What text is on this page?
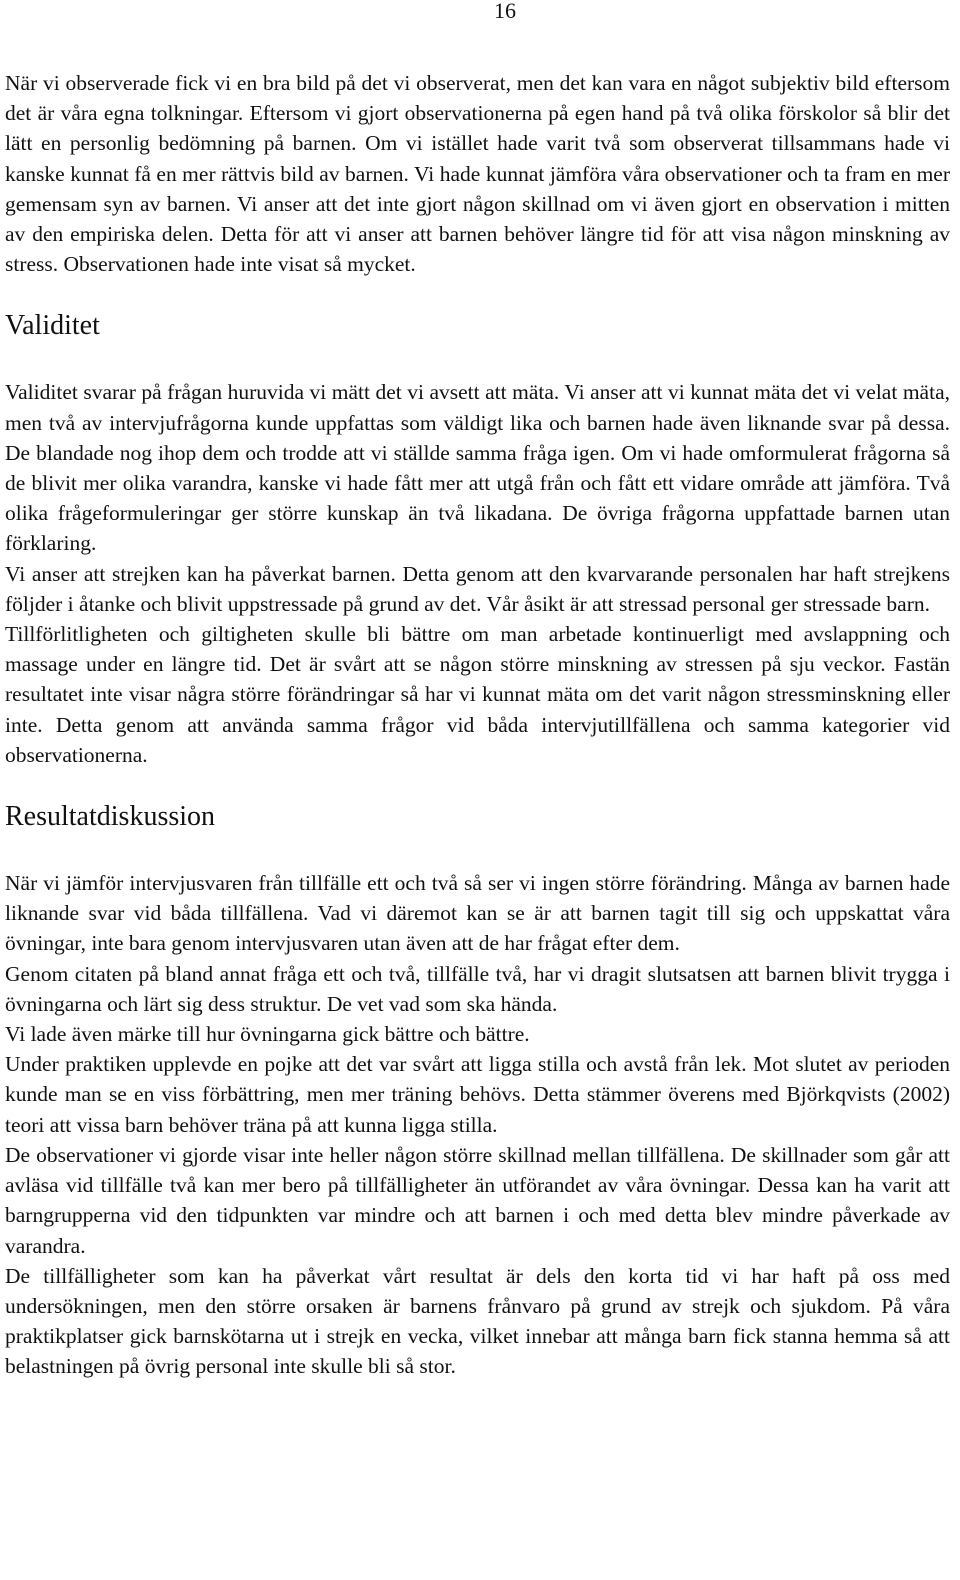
16

När vi observerade fick vi en bra bild på det vi observerat, men det kan vara en något subjektiv bild eftersom det är våra egna tolkningar. Eftersom vi gjort observationerna på egen hand på två olika förskolor så blir det lätt en personlig bedömning på barnen. Om vi istället hade varit två som observerat tillsammans hade vi kanske kunnat få en mer rättvis bild av barnen. Vi hade kunnat jämföra våra observationer och ta fram en mer gemensam syn av barnen. Vi anser att det inte gjort någon skillnad om vi även gjort en observation i mitten av den empiriska delen. Detta för att vi anser att barnen behöver längre tid för att visa någon minskning av stress. Observationen hade inte visat så mycket.

Validitet

Validitet svarar på frågan huruvida vi mätt det vi avsett att mäta. Vi anser att vi kunnat mäta det vi velat mäta, men två av intervjufrågorna kunde uppfattas som väldigt lika och barnen hade även liknande svar på dessa. De blandade nog ihop dem och trodde att vi ställde samma fråga igen. Om vi hade omformulerat frågorna så de blivit mer olika varandra, kanske vi hade fått mer att utgå från och fått ett vidare område att jämföra. Två olika frågeformuleringar ger större kunskap än två likadana. De övriga frågorna uppfattade barnen utan förklaring.

Vi anser att strejken kan ha påverkat barnen. Detta genom att den kvarvarande personalen har haft strejkens följder i åtanke och blivit uppstressade på grund av det. Vår åsikt är att stressad personal ger stressade barn.

Tillförlitligheten och giltigheten skulle bli bättre om man arbetade kontinuerligt med avslappning och massage under en längre tid. Det är svårt att se någon större minskning av stressen på sju veckor. Fastän resultatet inte visar några större förändringar så har vi kunnat mäta om det varit någon stressminskning eller inte. Detta genom att använda samma frågor vid båda intervjutillfällena och samma kategorier vid observationerna.

Resultatdiskussion

När vi jämför intervjusvaren från tillfälle ett och två så ser vi ingen större förändring. Många av barnen hade liknande svar vid båda tillfällena. Vad vi däremot kan se är att barnen tagit till sig och uppskattat våra övningar, inte bara genom intervjusvaren utan även att de har frågat efter dem.

Genom citaten på bland annat fråga ett och två, tillfälle två, har vi dragit slutsatsen att barnen blivit trygga i övningarna och lärt sig dess struktur. De vet vad som ska hända.

Vi lade även märke till hur övningarna gick bättre och bättre.

Under praktiken upplevde en pojke att det var svårt att ligga stilla och avstå från lek. Mot slutet av perioden kunde man se en viss förbättring, men mer träning behövs. Detta stämmer överens med Björkqvists (2002) teori att vissa barn behöver träna på att kunna ligga stilla.

De observationer vi gjorde visar inte heller någon större skillnad mellan tillfällena. De skillnader som går att avläsa vid tillfälle två kan mer bero på tillfälligheter än utförandet av våra övningar. Dessa kan ha varit att barngrupperna vid den tidpunkten var mindre och att barnen i och med detta blev mindre påverkade av varandra.

De tillfälligheter som kan ha påverkat vårt resultat är dels den korta tid vi har haft på oss med undersökningen, men den större orsaken är barnens frånvaro på grund av strejk och sjukdom. På våra praktikplatser gick barnskötarna ut i strejk en vecka, vilket innebar att många barn fick stanna hemma så att belastningen på övrig personal inte skulle bli så stor.
